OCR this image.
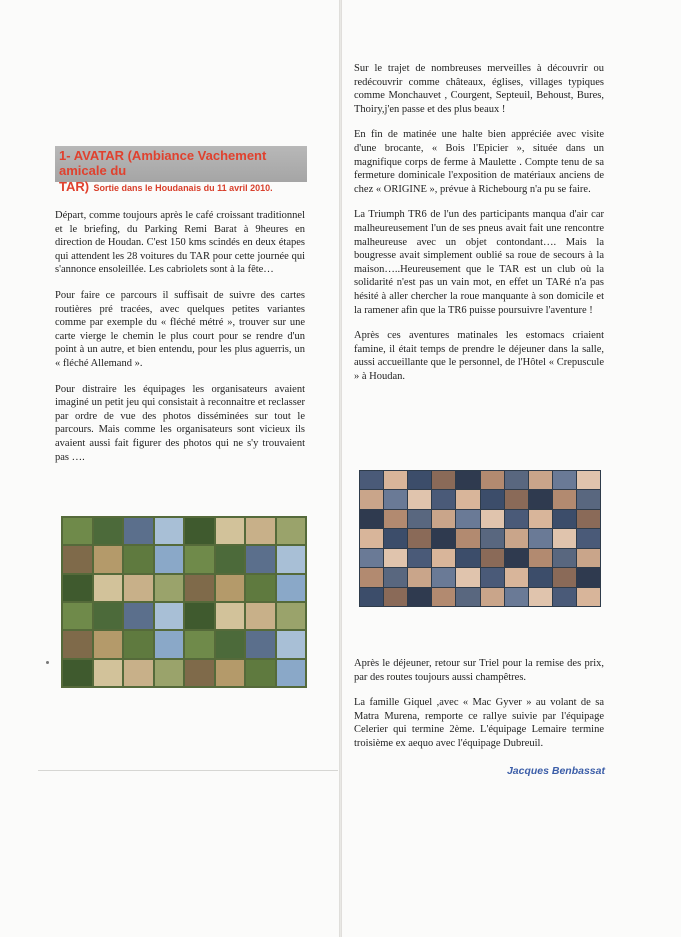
1- AVATAR (Ambiance Vachement amicale du
TAR) Sortie dans le Houdanais du 11 avril 2010.

Départ, comme toujours après le café croissant traditionnel et le briefing, du Parking Remi Barat à 9heures en direction de Houdan. C'est 150 kms scindés en deux étapes qui attendent les 28 voitures du TAR pour cette journée qui s'annonce ensoleillée. Les cabriolets sont à la fête…

Pour faire ce parcours il suffisait de suivre des cartes routières pré tracées, avec quelques petites variantes comme par exemple du « fléché métré », trouver sur une carte vierge le chemin le plus court pour se rendre d'un point à un autre, et bien entendu, pour les plus aguerris, un « fléché Allemand ».

Pour distraire les équipages les organisateurs avaient imaginé un petit jeu qui consistait à reconnaitre et reclasser par ordre de vue des photos disséminées sur tout le parcours. Mais comme les organisateurs sont vicieux ils avaient aussi fait figurer des photos qui ne s'y trouvaient pas ….

Sur le trajet de nombreuses merveilles à découvrir ou redécouvrir comme châteaux, églises, villages typiques comme Monchauvet , Courgent, Septeuil, Behoust, Bures, Thoiry,j'en passe et des plus beaux !

En fin de matinée une halte bien appréciée avec visite d'une brocante, « Bois l'Epicier », située dans un magnifique corps de ferme à Maulette . Compte tenu de sa fermeture dominicale l'exposition de matériaux anciens de chez « ORIGINE », prévue à Richebourg n'a pu se faire.

La Triumph TR6 de l'un des participants manqua d'air car malheureusement l'un de ses pneus avait fait une rencontre malheureuse avec un objet contondant…. Mais la bougresse avait simplement oublié sa roue de secours à la maison…..Heureusement que le TAR est un club où la solidarité n'est pas un vain mot, en effet un TARé n'a pas hésité à aller chercher la roue manquante à son domicile et la ramener afin que la TR6 puisse poursuivre l'aventure !

Après ces aventures matinales les estomacs criaient famine, il était temps de prendre le déjeuner dans la salle, aussi accueillante que le personnel, de l'Hôtel « Crepuscule » à Houdan.

Après le déjeuner, retour sur Triel pour la remise des prix, par des routes toujours aussi champêtres.

La famille Giquel ,avec « Mac Gyver » au volant de sa Matra Murena, remporte ce rallye suivie par l'équipage Celerier qui termine 2ème. L'équipage Lemaire termine troisième ex aequo avec l'équipage Dubreuil.

Jacques Benbassat
